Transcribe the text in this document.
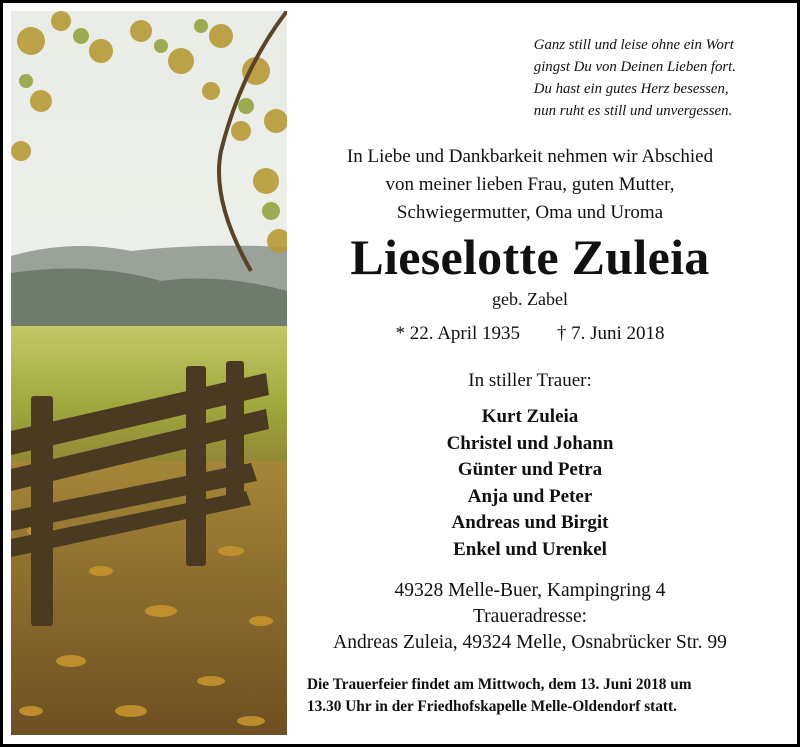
Ganz still und leise ohne ein Wort
gingst Du von Deinen Lieben fort.
Du hast ein gutes Herz besessen,
nun ruht es still und unvergessen.
In Liebe und Dankbarkeit nehmen wir Abschied
von meiner lieben Frau, guten Mutter,
Schwiegermutter, Oma und Uroma
Lieselotte Zuleia
geb. Zabel
* 22. April 1935 † 7. Juni 2018
In stiller Trauer:
Kurt Zuleia
Christel und Johann
Günter und Petra
Anja und Peter
Andreas und Birgit
Enkel und Urenkel
49328 Melle-Buer, Kampingring 4
Traueradresse:
Andreas Zuleia, 49324 Melle, Osnabrücker Str. 99
Die Trauerfeier findet am Mittwoch, dem 13. Juni 2018 um
13.30 Uhr in der Friedhofskapelle Melle-Oldendorf statt.
